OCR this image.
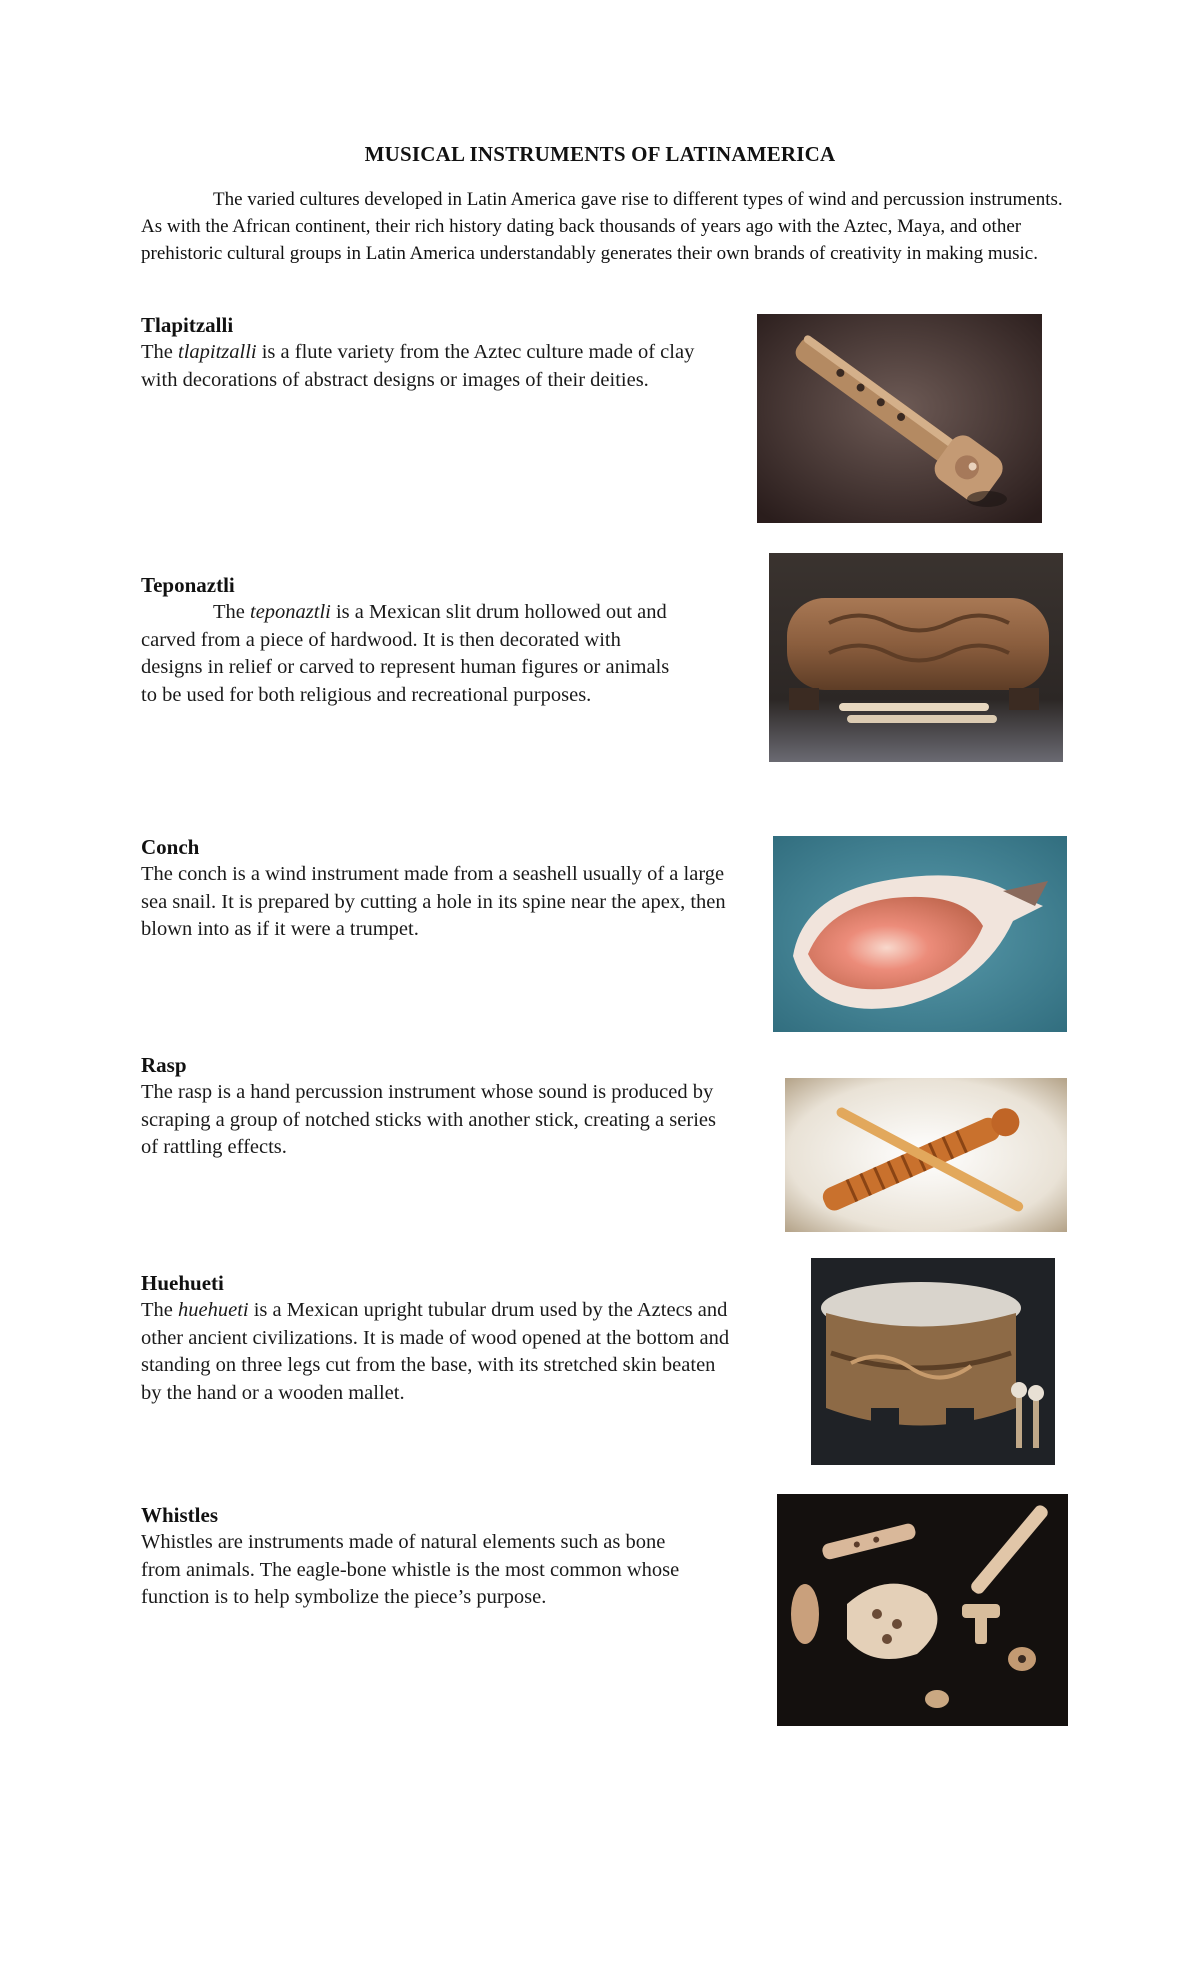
MUSICAL INSTRUMENTS OF LATINAMERICA

The varied cultures developed in Latin America gave rise to different types of wind and percussion instruments. As with the African continent, their rich history dating back thousands of years ago with the Aztec, Maya, and other prehistoric cultural groups in Latin America understandably generates their own brands of creativity in making music.

Tlapitzalli

The tlapitzalli is a flute variety from the Aztec culture made of clay with decorations of abstract designs or images of their deities.

Teponaztli

The teponaztli is a Mexican slit drum hollowed out and carved from a piece of hardwood. It is then decorated with designs in relief or carved to represent human figures or animals to be used for both religious and recreational purposes.

Conch

The conch is a wind instrument made from a seashell usually of a large sea snail. It is prepared by cutting a hole in its spine near the apex, then blown into as if it were a trumpet.

Rasp

The rasp is a hand percussion instrument whose sound is produced by scraping a group of notched sticks with another stick, creating a series of rattling effects.

Huehueti

The huehueti is a Mexican upright tubular drum used by the Aztecs and other ancient civilizations. It is made of wood opened at the bottom and standing on three legs cut from the base, with its stretched skin beaten by the hand or a wooden mallet.

Whistles

Whistles are instruments made of natural elements such as bone from animals. The eagle-bone whistle is the most common whose function is to help symbolize the piece’s purpose.
